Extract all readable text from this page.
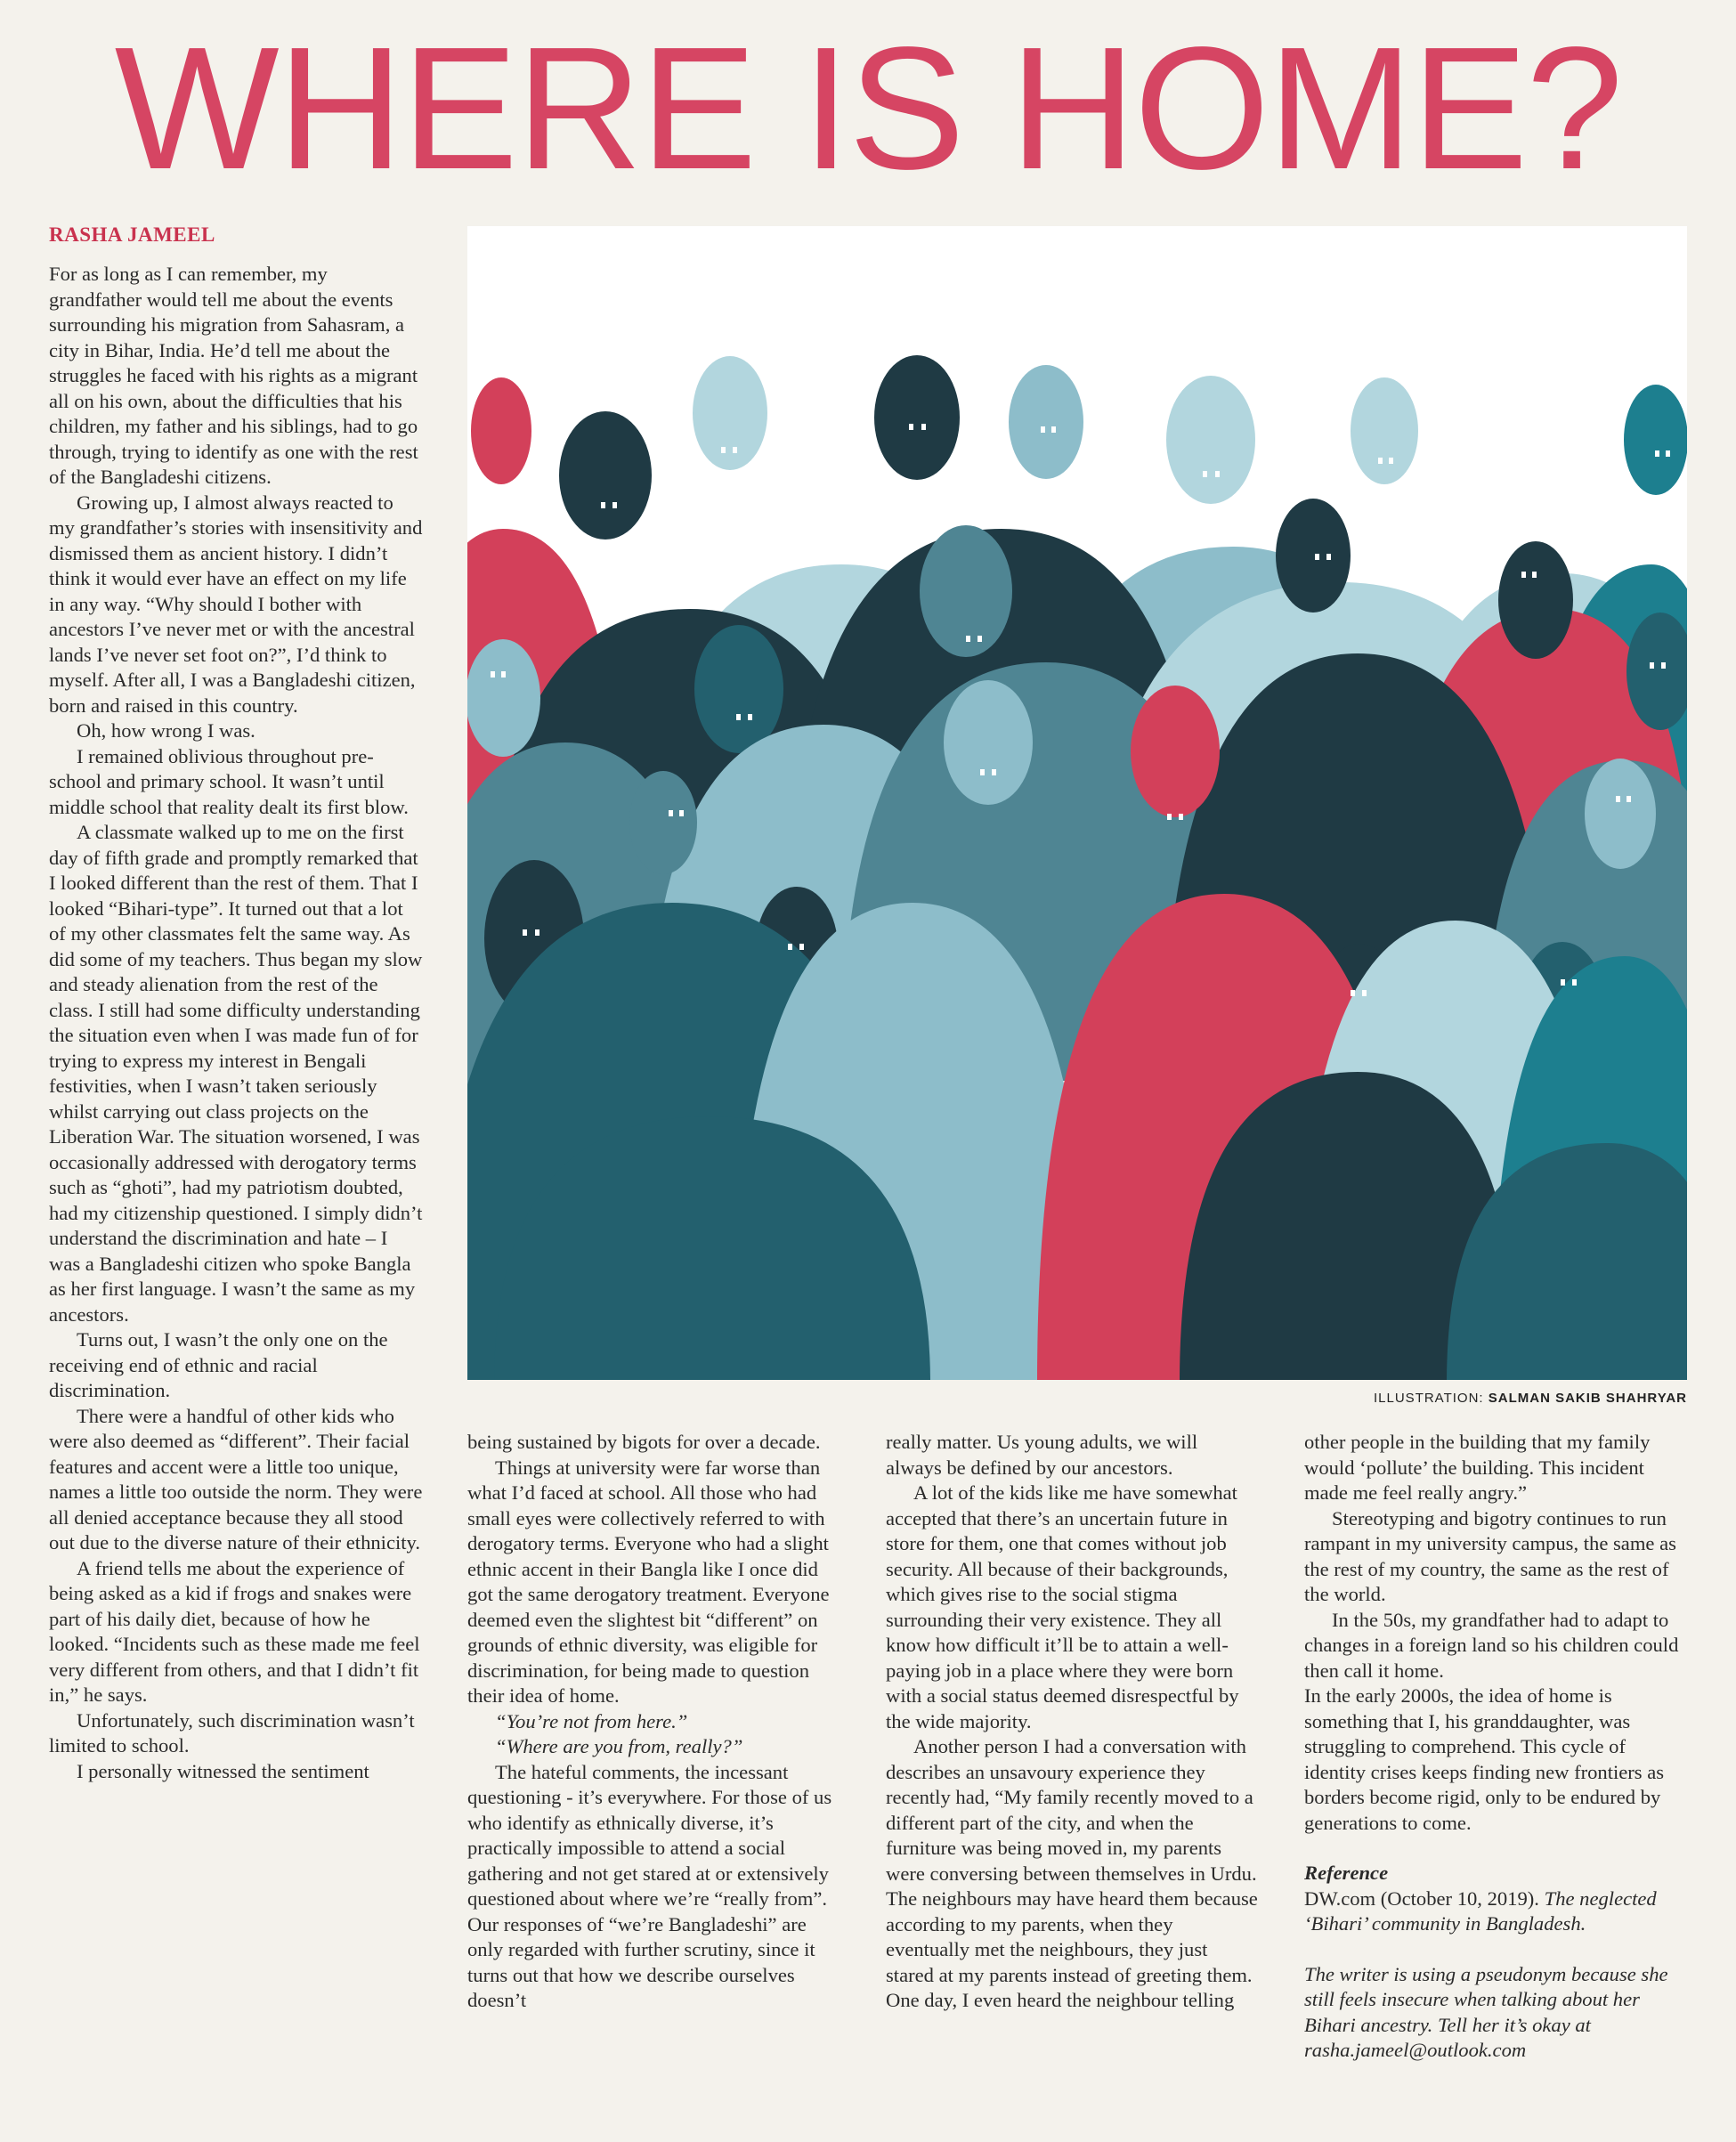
WHERE IS HOME?
RASHA JAMEEL

For as long as I can remember, my grandfather would tell me about the events surrounding his migration from Sahasram, a city in Bihar, India. He’d tell me about the struggles he faced with his rights as a migrant all on his own, about the difficulties that his children, my father and his siblings, had to go through, trying to identify as one with the rest of the Bangladeshi citizens.

Growing up, I almost always reacted to my grandfather’s stories with insensitivity and dismissed them as ancient history. I didn’t think it would ever have an effect on my life in any way. “Why should I bother with ancestors I’ve never met or with the ancestral lands I’ve never set foot on?”, I’d think to myself. After all, I was a Bangladeshi citizen, born and raised in this country.

Oh, how wrong I was.

I remained oblivious throughout pre-school and primary school. It wasn’t until middle school that reality dealt its first blow.

A classmate walked up to me on the first day of fifth grade and promptly remarked that I looked different than the rest of them. That I looked “Bihari-type”. It turned out that a lot of my other classmates felt the same way. As did some of my teachers. Thus began my slow and steady alienation from the rest of the class. I still had some difficulty understanding the situation even when I was made fun of for trying to express my interest in Bengali festivities, when I wasn’t taken seriously whilst carrying out class projects on the Liberation War. The situation worsened, I was occasionally addressed with derogatory terms such as “ghoti”, had my patriotism doubted, had my citizenship questioned. I simply didn’t understand the discrimination and hate – I was a Bangladeshi citizen who spoke Bangla as her first language. I wasn’t the same as my ancestors.

Turns out, I wasn’t the only one on the receiving end of ethnic and racial discrimination.

There were a handful of other kids who were also deemed as “different”. Their facial features and accent were a little too unique, names a little too outside the norm. They were all denied acceptance because they all stood out due to the diverse nature of their ethnicity.

A friend tells me about the experience of being asked as a kid if frogs and snakes were part of his daily diet, because of how he looked. “Incidents such as these made me feel very different from others, and that I didn’t fit in,” he says.

Unfortunately, such discrimination wasn’t limited to school.

I personally witnessed the sentiment

ILLUSTRATION: SALMAN SAKIB SHAHRYAR

being sustained by bigots for over a decade.

Things at university were far worse than what I’d faced at school. All those who had small eyes were collectively referred to with derogatory terms. Everyone who had a slight ethnic accent in their Bangla like I once did got the same derogatory treatment. Everyone deemed even the slightest bit “different” on grounds of ethnic diversity, was eligible for discrimination, for being made to question their idea of home.

“You’re not from here.”

“Where are you from, really?”

The hateful comments, the incessant questioning - it’s everywhere. For those of us who identify as ethnically diverse, it’s practically impossible to attend a social gathering and not get stared at or extensively questioned about where we’re “really from”. Our responses of “we’re Bangladeshi” are only regarded with further scrutiny, since it turns out that how we describe ourselves doesn’t

really matter. Us young adults, we will always be defined by our ancestors.

A lot of the kids like me have somewhat accepted that there’s an uncertain future in store for them, one that comes without job security. All because of their backgrounds, which gives rise to the social stigma surrounding their very existence. They all know how difficult it’ll be to attain a well-paying job in a place where they were born with a social status deemed disrespectful by the wide majority.

Another person I had a conversation with describes an unsavoury experience they recently had, “My family recently moved to a different part of the city, and when the furniture was being moved in, my parents were conversing between themselves in Urdu. The neighbours may have heard them because according to my parents, when they eventually met the neighbours, they just stared at my parents instead of greeting them. One day, I even heard the neighbour telling

other people in the building that my family would ‘pollute’ the building. This incident made me feel really angry.”

Stereotyping and bigotry continues to run rampant in my university campus, the same as the rest of my country, the same as the rest of the world.

In the 50s, my grandfather had to adapt to changes in a foreign land so his children could then call it home.

In the early 2000s, the idea of home is something that I, his granddaughter, was struggling to comprehend. This cycle of identity crises keeps finding new frontiers as borders become rigid, only to be endured by generations to come.

Reference

DW.com (October 10, 2019). The neglected ‘Bihari’ community in Bangladesh.

The writer is using a pseudonym because she still feels insecure when talking about her Bihari ancestry. Tell her it’s okay at rasha.jameel@outlook.com
